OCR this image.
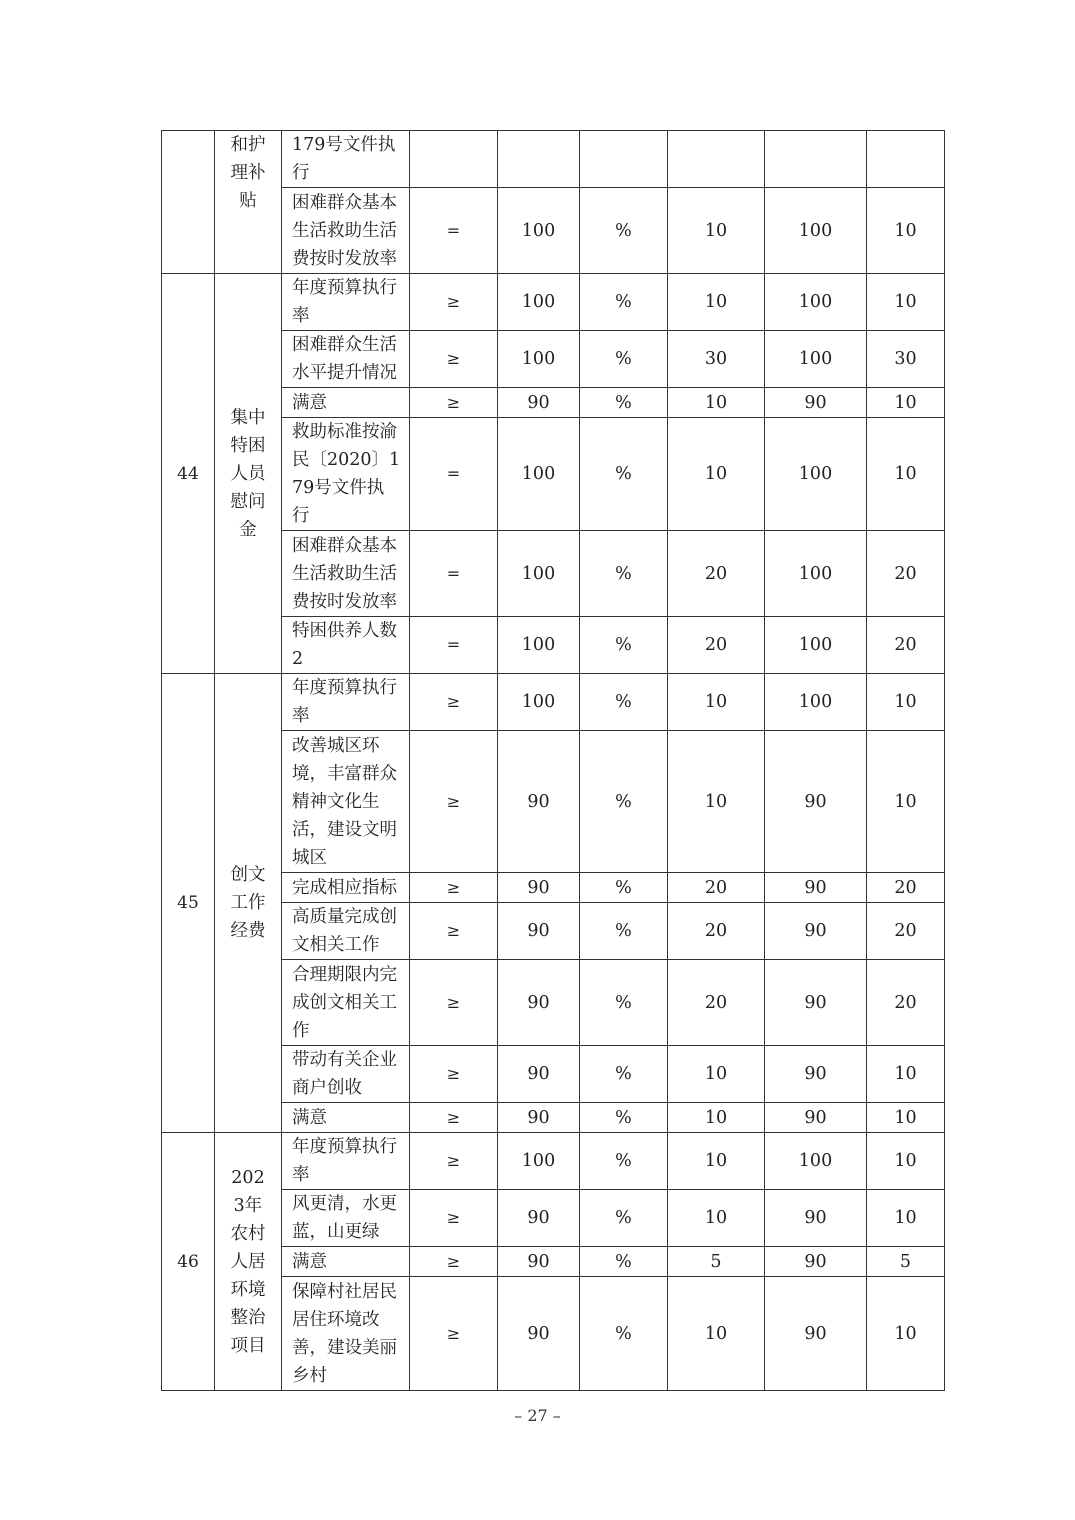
	和护理补贴	179号文件执行						
		困难群众基本生活救助生活费按时发放率	=	100	%	10	100	10
44	集中特困人员慰问金	年度预算执行率	≥	100	%	10	100	10
		困难群众生活水平提升情况	≥	100	%	30	100	30
		满意	≥	90	%	10	90	10
		救助标准按渝民〔2020〕179号文件执行	=	100	%	10	100	10
		困难群众基本生活救助生活费按时发放率	=	100	%	20	100	20
		特困供养人数2	=	100	%	20	100	20
45	创文工作经费	年度预算执行率	≥	100	%	10	100	10
		改善城区环境，丰富群众精神文化生活，建设文明城区	≥	90	%	10	90	10
		完成相应指标	≥	90	%	20	90	20
		高质量完成创文相关工作	≥	90	%	20	90	20
		合理期限内完成创文相关工作	≥	90	%	20	90	20
		带动有关企业商户创收	≥	90	%	10	90	10
		满意	≥	90	%	10	90	10
46	2023年农村人居环境整治项目	年度预算执行率	≥	100	%	10	100	10
		风更清，水更蓝，山更绿	≥	90	%	10	90	10
		满意	≥	90	%	5	90	5
		保障村社居民居住环境改善，建设美丽乡村	≥	90	%	10	90	10
– 27 –
